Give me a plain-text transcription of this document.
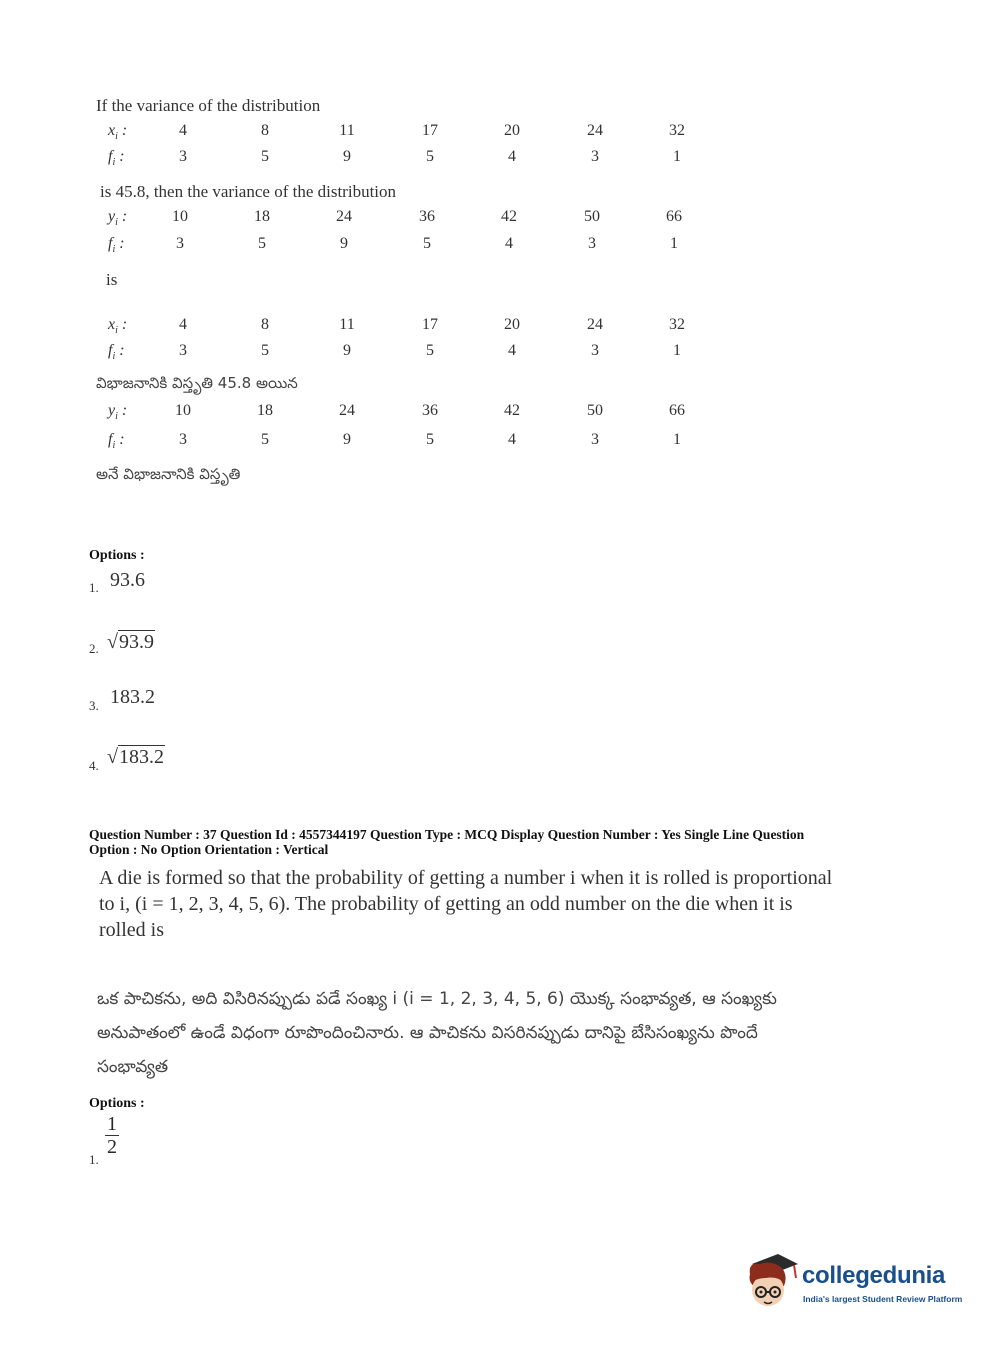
If the variance of the distribution
$x_i$ :	4	8	11	17	20	24	32
$f_i$ :	3	5	9	5	4	3	1
is 45.8, then the variance of the distribution
$y_i$ :	10	18	24	36	42	50	66
$f_i$ :	3	5	9	5	4	3	1
is
$x_i$ :	4	8	11	17	20	24	32
$f_i$ :	3	5	9	5	4	3	1
విభాజనానికి విస్తృతి 45.8 అయిన
$y_i$ :	10	18	24	36	42	50	66
$f_i$ :	3	5	9	5	4	3	1
అనే విభాజనానికి విస్తృతి
Options :
1. 93.6
2. √93.9
3. 183.2
4. √183.2
Question Number : 37 Question Id : 4557344197 Question Type : MCQ Display Question Number : Yes Single Line Question
Option : No Option Orientation : Vertical
A die is formed so that the probability of getting a number i when it is rolled is proportional
to i, (i = 1, 2, 3, 4, 5, 6). The probability of getting an odd number on the die when it is
rolled is
ఒక పాచికను, అది విసిరినప్పుడు పడే సంఖ్య i (i = 1, 2, 3, 4, 5, 6) యొక్క సంభావ్యత, ఆ సంఖ్యకు
అనుపాతంలో ఉండే విధంగా రూపొందించినారు. ఆ పాచికను విసరినప్పుడు దానిపై బేసిసంఖ్యను పొందే
సంభావ్యత
Options :
1.
$\frac{1}{2}$
collegedunia
India's largest Student Review Platform
